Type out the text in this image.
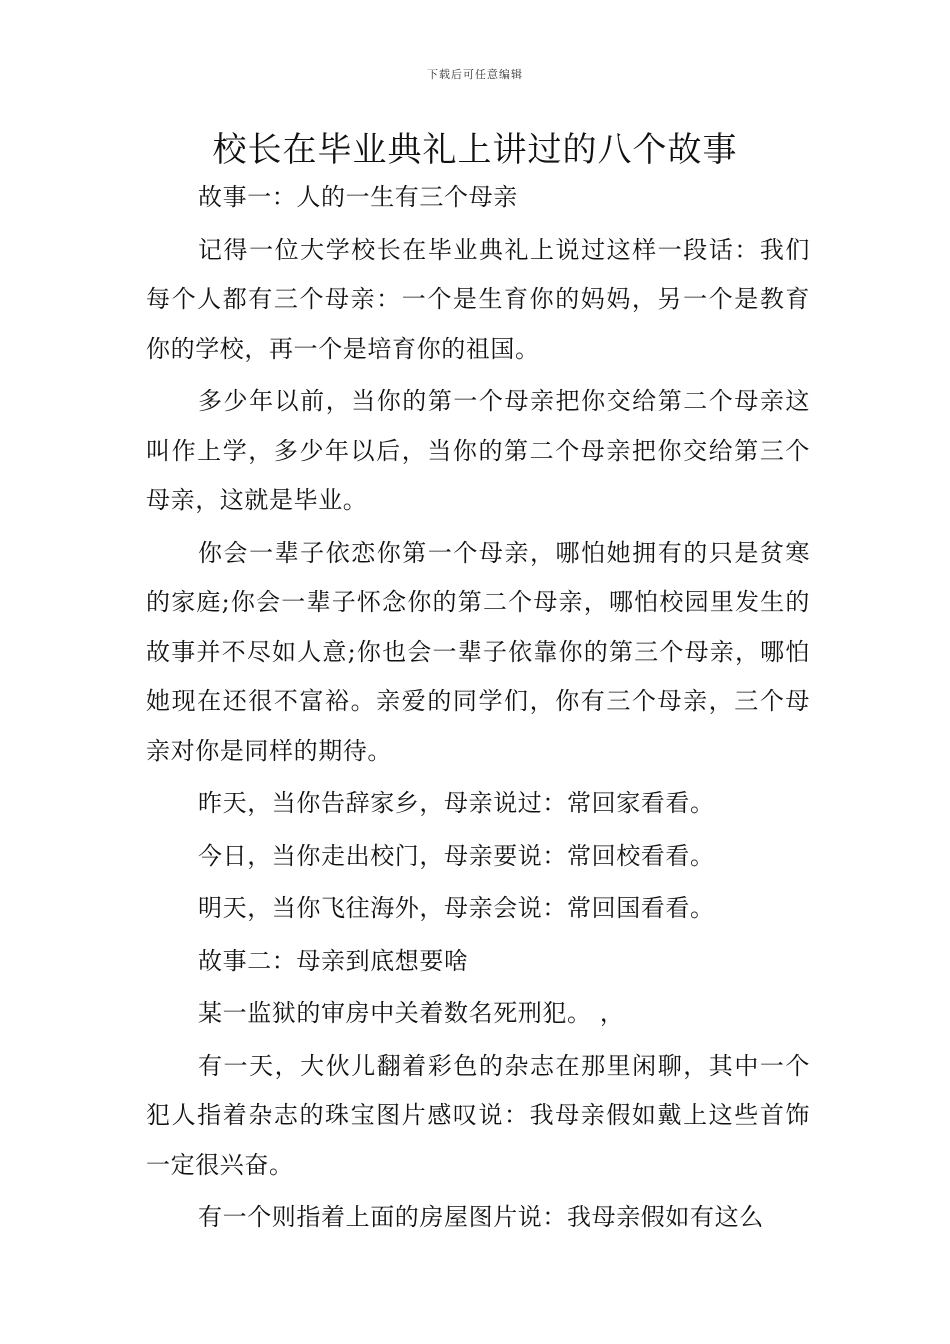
下载后可任意编辑
校长在毕业典礼上讲过的八个故事

故事一：人的一生有三个母亲

记得一位大学校长在毕业典礼上说过这样一段话：我们每个人都有三个母亲：一个是生育你的妈妈，另一个是教育你的学校，再一个是培育你的祖国。

多少年以前，当你的第一个母亲把你交给第二个母亲这叫作上学，多少年以后，当你的第二个母亲把你交给第三个母亲，这就是毕业。

你会一辈子依恋你第一个母亲，哪怕她拥有的只是贫寒的家庭;你会一辈子怀念你的第二个母亲，哪怕校园里发生的故事并不尽如人意;你也会一辈子依靠你的第三个母亲，哪怕她现在还很不富裕。亲爱的同学们，你有三个母亲，三个母亲对你是同样的期待。

昨天，当你告辞家乡，母亲说过：常回家看看。

今日，当你走出校门，母亲要说：常回校看看。

明天，当你飞往海外，母亲会说：常回国看看。

故事二：母亲到底想要啥

某一监狱的审房中关着数名死刑犯。 ，

有一天，大伙儿翻着彩色的杂志在那里闲聊，其中一个犯人指着杂志的珠宝图片感叹说：我母亲假如戴上这些首饰一定很兴奋。

有一个则指着上面的房屋图片说：我母亲假如有这么
